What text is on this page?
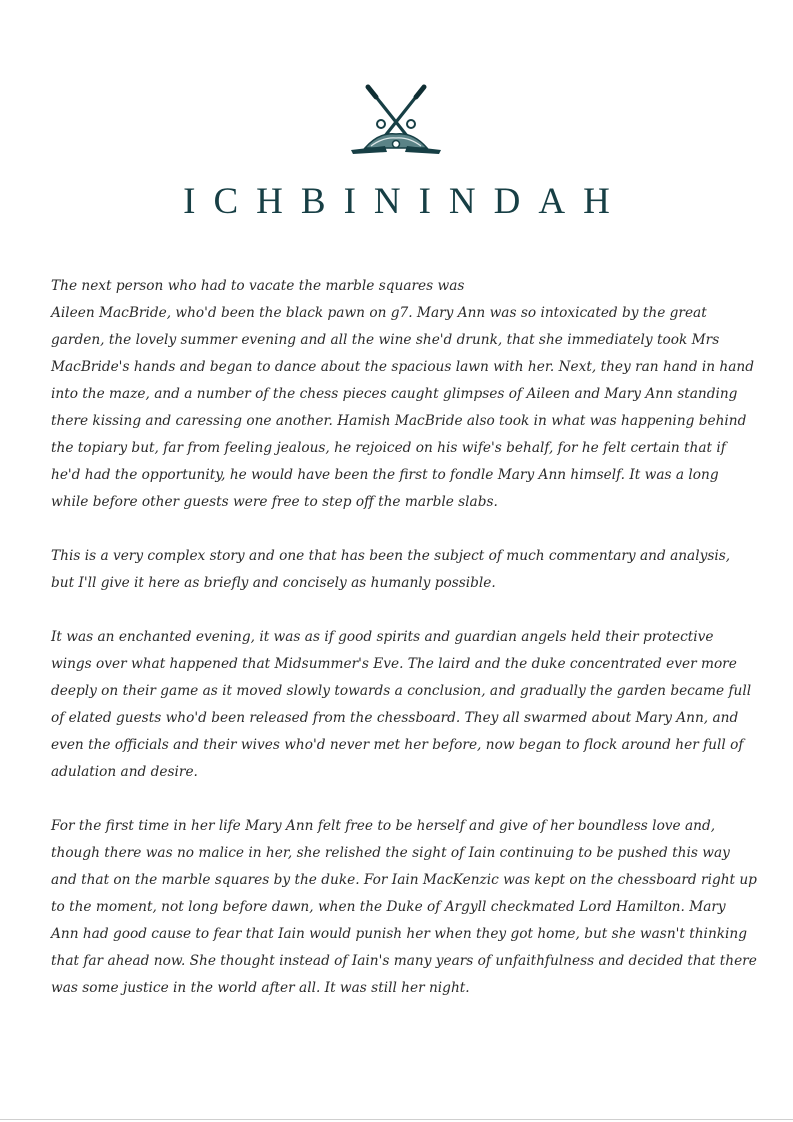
ICHBININDAH

The next person who had to vacate the marble squares was
Aileen MacBride, who'd been the black pawn on g7. Mary Ann was so intoxicated by the great garden, the lovely summer evening and all the wine she'd drunk, that she immediately took Mrs MacBride's hands and began to dance about the spacious lawn with her. Next, they ran hand in hand into the maze, and a number of the chess pieces caught glimpses of Aileen and Mary Ann standing there kissing and caressing one another. Hamish MacBride also took in what was happening behind the topiary but, far from feeling jealous, he rejoiced on his wife's behalf, for he felt certain that if he'd had the opportunity, he would have been the first to fondle Mary Ann himself. It was a long while before other guests were free to step off the marble slabs.

This is a very complex story and one that has been the subject of much commentary and analysis, but I'll give it here as briefly and concisely as humanly possible.

It was an enchanted evening, it was as if good spirits and guardian angels held their protective wings over what happened that Midsummer's Eve. The laird and the duke concentrated ever more deeply on their game as it moved slowly towards a conclusion, and gradually the garden became full of elated guests who'd been released from the chessboard. They all swarmed about Mary Ann, and even the officials and their wives who'd never met her before, now began to flock around her full of adulation and desire.

For the first time in her life Mary Ann felt free to be herself and give of her boundless love and, though there was no malice in her, she relished the sight of Iain continuing to be pushed this way and that on the marble squares by the duke. For Iain MacKenzic was kept on the chessboard right up to the moment, not long before dawn, when the Duke of Argyll checkmated Lord Hamilton. Mary Ann had good cause to fear that Iain would punish her when they got home, but she wasn't thinking that far ahead now. She thought instead of Iain's many years of unfaithfulness and decided that there was some justice in the world after all. It was still her night.
